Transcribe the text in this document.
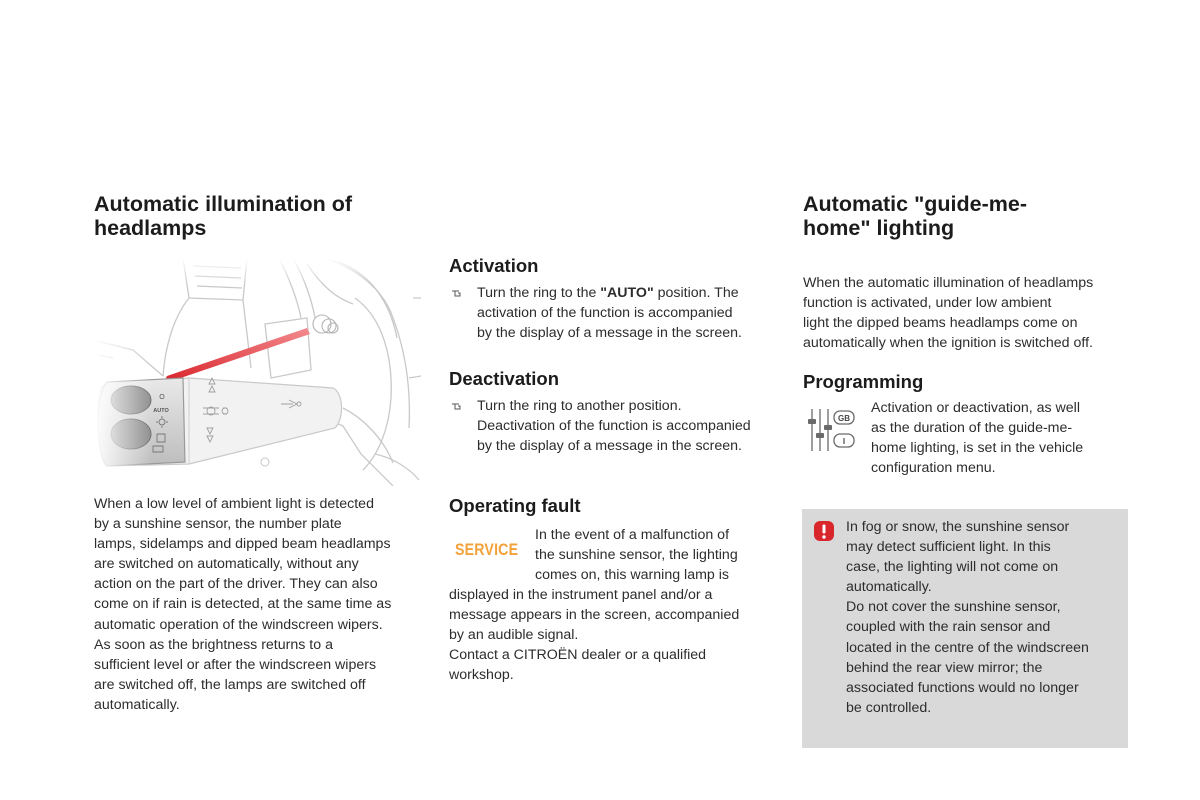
Automatic illumination of
headlamps

When a low level of ambient light is detected
by a sunshine sensor, the number plate
lamps, sidelamps and dipped beam headlamps
are switched on automatically, without any
action on the part of the driver. They can also
come on if rain is detected, at the same time as
automatic operation of the windscreen wipers.
As soon as the brightness returns to a
sufficient level or after the windscreen wipers
are switched off, the lamps are switched off
automatically.

Activation

Turn the ring to the "AUTO" position. The
activation of the function is accompanied
by the display of a message in the screen.

Deactivation

Turn the ring to another position.
Deactivation of the function is accompanied
by the display of a message in the screen.

Operating fault
SERVICE

In the event of a malfunction of
the sunshine sensor, the lighting
comes on, this warning lamp is

displayed in the instrument panel and/or a
message appears in the screen, accompanied
by an audible signal.
Contact a CITROËN dealer or a qualified
workshop.

Automatic "guide-me-
home" lighting

When the automatic illumination of headlamps
function is activated, under low ambient
light the dipped beams headlamps come on
automatically when the ignition is switched off.

Programming
GB
I

Activation or deactivation, as well
as the duration of the guide-me-
home lighting, is set in the vehicle
configuration menu.

In fog or snow, the sunshine sensor
may detect sufficient light. In this
case, the lighting will not come on
automatically.
Do not cover the sunshine sensor,
coupled with the rain sensor and
located in the centre of the windscreen
behind the rear view mirror; the
associated functions would no longer
be controlled.
